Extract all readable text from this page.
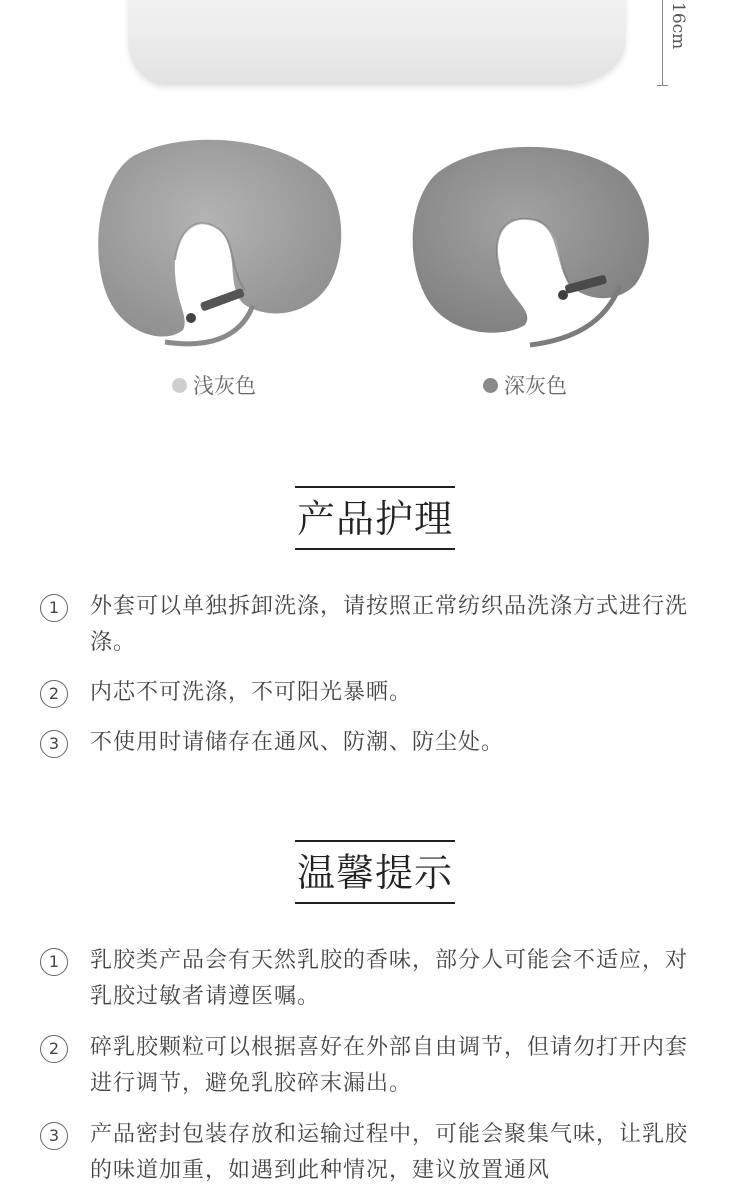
16cm
浅灰色	深灰色
产品护理
1	外套可以单独拆卸洗涤，请按照正常纺织品洗涤方式进行洗涤。
2	内芯不可洗涤，不可阳光暴晒。
3	不使用时请储存在通风、防潮、防尘处。
温馨提示
1	乳胶类产品会有天然乳胶的香味，部分人可能会不适应，对乳胶过敏者请遵医嘱。
2	碎乳胶颗粒可以根据喜好在外部自由调节，但请勿打开内套进行调节，避免乳胶碎末漏出。
3	产品密封包装存放和运输过程中，可能会聚集气味，让乳胶的味道加重，如遇到此种情况，建议放置通风
